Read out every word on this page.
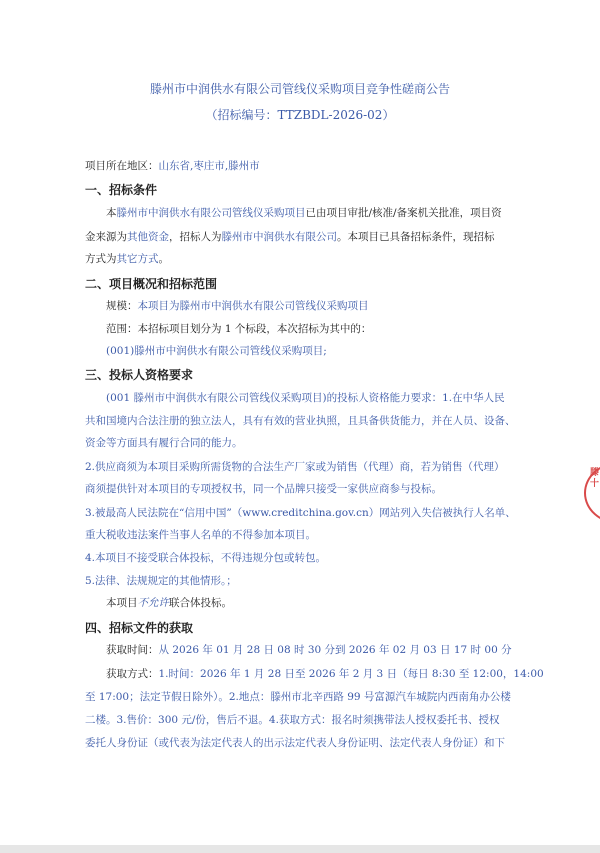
滕州市中润供水有限公司管线仪采购项目竞争性磋商公告
（招标编号：TTZBDL-2026-02）
项目所在地区：山东省,枣庄市,滕州市
一、招标条件
本滕州市中润供水有限公司管线仪采购项目已由项目审批/核准/备案机关批准，项目资
金来源为其他资金，招标人为滕州市中润供水有限公司。本项目已具备招标条件，现招标
方式为其它方式。
二、项目概况和招标范围
规模：本项目为滕州市中润供水有限公司管线仪采购项目
范围：本招标项目划分为 1 个标段，本次招标为其中的：
(001)滕州市中润供水有限公司管线仪采购项目;
三、投标人资格要求
(001 滕州市中润供水有限公司管线仪采购项目)的投标人资格能力要求：1.在中华人民
共和国境内合法注册的独立法人，具有有效的营业执照，且具备供货能力，并在人员、设备、
资金等方面具有履行合同的能力。
2.供应商须为本项目采购所需货物的合法生产厂家或为销售（代理）商，若为销售（代理）
商须提供针对本项目的专项授权书，同一个品牌只接受一家供应商参与投标。
3.被最高人民法院在“信用中国”（www.creditchina.gov.cn）网站列入失信被执行人名单、
重大税收违法案件当事人名单的不得参加本项目。
4.本项目不接受联合体投标，不得违规分包或转包。
5.法律、法规规定的其他情形。；
本项目不允许联合体投标。
四、招标文件的获取
获取时间：从 2026 年 01 月 28 日 08 时 30 分到 2026 年 02 月 03 日 17 时 00 分
获取方式：1.时间：2026 年 1 月 28 日至 2026 年 2 月 3 日（每日 8:30 至 12:00，14:00
至 17:00；法定节假日除外）。2.地点：滕州市北辛西路 99 号富源汽车城院内西南角办公楼
二楼。3.售价：300 元/份，售后不退。4.获取方式：报名时须携带法人授权委托书、授权
委托人身份证（或代表为法定代表人的出示法定代表人身份证明、法定代表人身份证）和下
滕十
